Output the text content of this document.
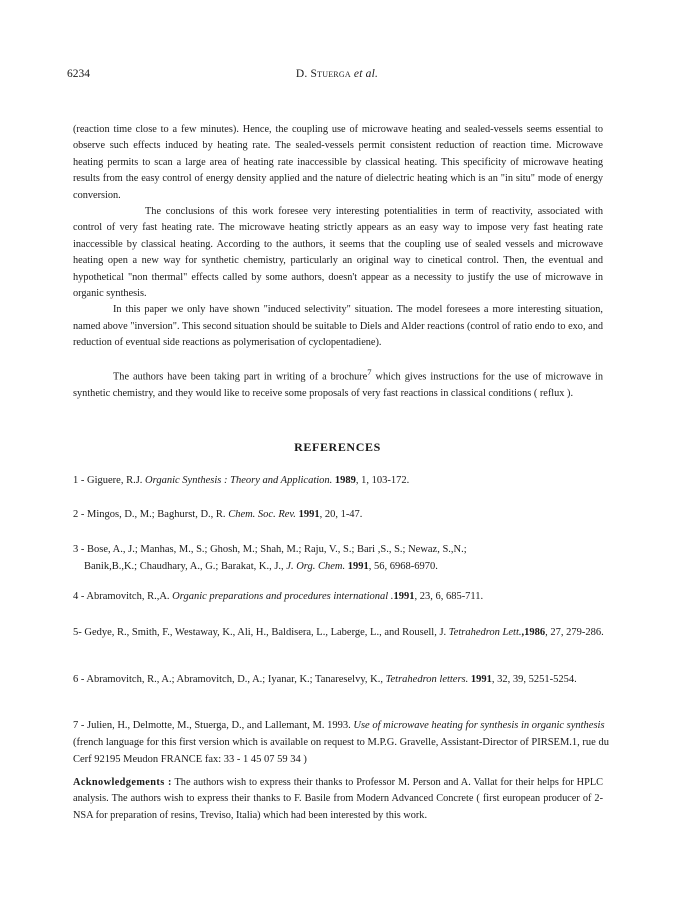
6234	D. Stuerga et al.

(reaction time close to a few minutes). Hence, the coupling use of microwave heating and sealed-vessels seems essential to observe such effects induced by heating rate. The sealed-vessels permit consistent reduction of reaction time. Microwave heating permits to scan a large area of heating rate inaccessible by classical heating. This specificity of microwave heating results from the easy control of energy density applied and the nature of dielectric heating which is an "in situ" mode of energy conversion.

The conclusions of this work foresee very interesting potentialities in term of reactivity, associated with control of very fast heating rate. The microwave heating strictly appears as an easy way to impose very fast heating rate inaccessible by classical heating. According to the authors, it seems that the coupling use of sealed vessels and microwave heating open a new way for synthetic chemistry, particularly an original way to cinetical control. Then, the eventual and hypothetical "non thermal" effects called by some authors, doesn't appear as a necessity to justify the use of microwave in organic synthesis.

In this paper we only have shown "induced selectivity" situation. The model foresees a more interesting situation, named above "inversion". This second situation should be suitable to Diels and Alder reactions (control of ratio endo to exo, and reduction of eventual side reactions as polymerisation of cyclopentadiene).

The authors have been taking part in writing of a brochure$^7$ which gives instructions for the use of microwave in synthetic chemistry, and they would like to receive some proposals of very fast reactions in classical conditions ( reflux ).

REFERENCES
1 - Giguere, R.J. Organic Synthesis : Theory and Application. 1989, 1, 103-172.
2 - Mingos, D., M.; Baghurst, D., R. Chem. Soc. Rev. 1991, 20, 1-47.
3 - Bose, A., J.; Manhas, M., S.; Ghosh, M.; Shah, M.; Raju, V., S.; Bari ,S., S.; Newaz, S.,N.;
Banik,B.,K.; Chaudhary, A., G.; Barakat, K., J., J. Org. Chem. 1991, 56, 6968-6970.
4 - Abramovitch, R.,A. Organic preparations and procedures international .1991, 23, 6, 685-711.
5- Gedye, R., Smith, F., Westaway, K., Ali, H., Baldisera, L., Laberge, L., and Rousell, J. Tetrahedron Lett.,1986, 27, 279-286.
6 - Abramovitch, R., A.; Abramovitch, D., A.; Iyanar, K.; Tanareselvy, K., Tetrahedron letters. 1991, 32, 39, 5251-5254.
7 - Julien, H., Delmotte, M., Stuerga, D., and Lallemant, M. 1993. Use of microwave heating for synthesis in organic synthesis (french language for this first version which is available on request to M.P.G. Gravelle, Assistant-Director of PIRSEM.1, rue du Cerf 92195 Meudon FRANCE fax: 33 - 1 45 07 59 34 )
Acknowledgements : The authors wish to express their thanks to Professor M. Person and A. Vallat for their helps for HPLC analysis. The authors wish to express their thanks to F. Basile from Modern Advanced Concrete ( first european producer of 2-NSA for preparation of resins, Treviso, Italia) which had been interested by this work.
